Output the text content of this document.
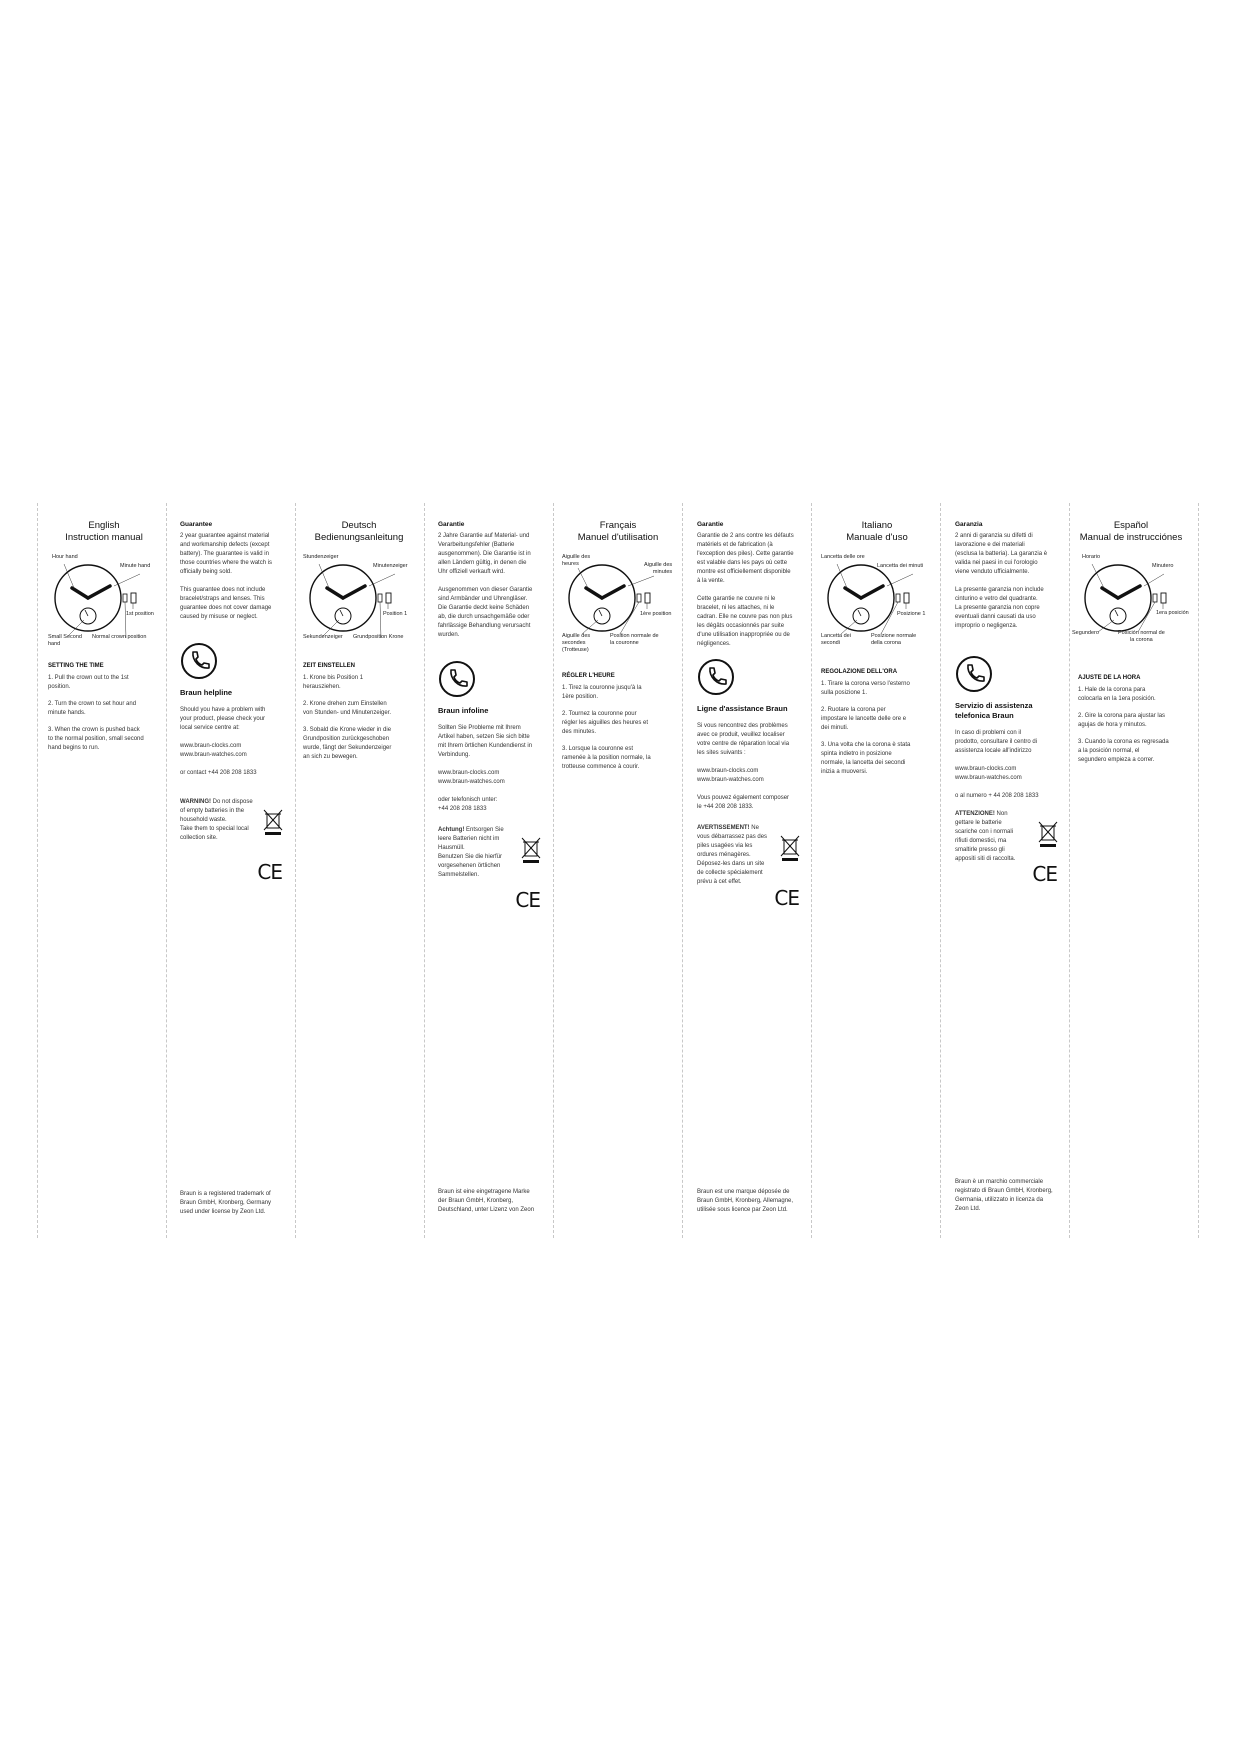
English
Instruction manual
Hour hand
Minute hand
1st position
Small Second
hand
Normal crown position
SETTING THE TIME

1. Pull the crown out to the 1st
position.

2. Turn the crown to set hour and
minute hands.

3. When the crown is pushed back
to the normal position, small second
hand begins to run.

Guarantee

2 year guarantee against material
and workmanship defects (except
battery). The guarantee is valid in
those countries where the watch is
officially being sold.

This guarantee does not include
bracelet/straps and lenses. This
guarantee does not cover damage
caused by misuse or neglect.

Braun helpline

Should you have a problem with
your product, please check your
local service centre at:

www.braun-clocks.com
www.braun-watches.com

or contact +44 208 208 1833

WARNING! Do not dispose
of empty batteries in the
household waste.
Take them to special local
collection site.

CE
Braun is a registered trademark of
Braun GmbH, Kronberg, Germany
used under license by Zeon Ltd.
Deutsch
Bedienungsanleitung
Stundenzeiger
Minutenzeiger
Position 1
Sekundenzeiger Grundposition Krone
ZEIT EINSTELLEN

1. Krone bis Position 1
herausziehen.

2. Krone drehen zum Einstellen
von Stunden- und Minutenzeiger.

3. Sobald die Krone wieder in die
Grundposition zurückgeschoben
wurde, fängt der Sekundenzeiger
an sich zu bewegen.

Garantie

2 Jahre Garantie auf Material- und
Verarbeitungsfehler (Batterie
ausgenommen). Die Garantie ist in
allen Ländern gültig, in denen die
Uhr offiziell verkauft wird.

Ausgenommen von dieser Garantie
sind Armbänder und Uhrengläser.
Die Garantie deckt keine Schäden
ab, die durch unsachgemäße oder
fahrlässige Behandlung verursacht
wurden.

Braun infoline

Sollten Sie Probleme mit Ihrem
Artikel haben, setzen Sie sich bitte
mit Ihrem örtlichen Kundendienst in
Verbindung.

www.braun-clocks.com
www.braun-watches.com

oder telefonisch unter:
+44 208 208 1833

Achtung! Entsorgen Sie
leere Batterien nicht im
Hausmüll.
Benutzen Sie die hierfür
vorgesehenen örtlichen
Sammelstellen.

CE
Braun ist eine eingetragene Marke
der Braun GmbH, Kronberg,
Deutschland, unter Lizenz von Zeon
Français
Manuel d'utilisation
Aiguille des
heures	Aiguille des
minutes
1ère position
Aiguille des
secondes
(Trotteuse)
Position normale de
la couronne
RÉGLER L'HEURE

1. Tirez la couronne jusqu'à la
1ère position.

2. Tournez la couronne pour
régler les aiguilles des heures et
des minutes.

3. Lorsque la couronne est
ramenée à la position normale, la
trotteuse commence à courir.

Garantie

Garantie de 2 ans contre les défauts
matériels et de fabrication (à
l'exception des piles). Cette garantie
est valable dans les pays où cette
montre est officiellement disponible
à la vente.

Cette garantie ne couvre ni le
bracelet, ni les attaches, ni le
cadran. Elle ne couvre pas non plus
les dégâts occasionnés par suite
d'une utilisation inappropriée ou de
négligences.

Ligne d'assistance Braun

Si vous rencontrez des problèmes
avec ce produit, veuillez localiser
votre centre de réparation local via
les sites suivants :

www.braun-clocks.com
www.braun-watches.com

Vous pouvez également composer
le +44 208 208 1833.

AVERTISSEMENT! Ne
vous débarrassez pas des
piles usagées via les
ordures ménagères.
Déposez-les dans un site
de collecte spécialement
prévu à cet effet.

CE
Braun est une marque déposée de
Braun GmbH, Kronberg, Allemagne,
utilisée sous licence par Zeon Ltd.
Italiano
Manuale d'uso
Lancetta delle ore
Lancetta dei minuti
Posizione 1
Lancetta dei
secondi
Posizione normale
della corona
REGOLAZIONE DELL'ORA

1. Tirare la corona verso l'esterno
sulla posizione 1.

2. Ruotare la corona per
impostare le lancette delle ore e
dei minuti.

3. Una volta che la corona è stata
spinta indietro in posizione
normale, la lancetta dei secondi
inizia a muoversi.

Garanzia

2 anni di garanzia su difetti di
lavorazione e dei materiali
(esclusa la batteria). La garanzia è
valida nei paesi in cui l'orologio
viene venduto ufficialmente.

La presente garanzia non include
cinturino e vetro del quadrante.
La presente garanzia non copre
eventuali danni causati da uso
improprio o negligenza.

Servizio di assistenza
telefonica Braun

In caso di problemi con il
prodotto, consultare il centro di
assistenza locale all'indirizzo

www.braun-clocks.com
www.braun-watches.com

o al numero + 44 208 208 1833

ATTENZIONE! Non
gettare le batterie
scariche con i normali
rifiuti domestici, ma
smaltirle presso gli
appositi siti di raccolta.

CE
Braun è un marchio commerciale
registrato di Braun GmbH, Kronberg,
Germania, utilizzato in licenza da
Zeon Ltd.
Español
Manual de instrucciónes
Horario
Minutero
1era posición
Segundero	Posición normal de
la corona
AJUSTE DE LA HORA

1. Hale de la corona para
colocarla en la 1era posición.

2. Gire la corona para ajustar las
agujas de hora y minutos.

3. Cuando la corona es regresada
a la posición normal, el
segundero empieza a correr.
